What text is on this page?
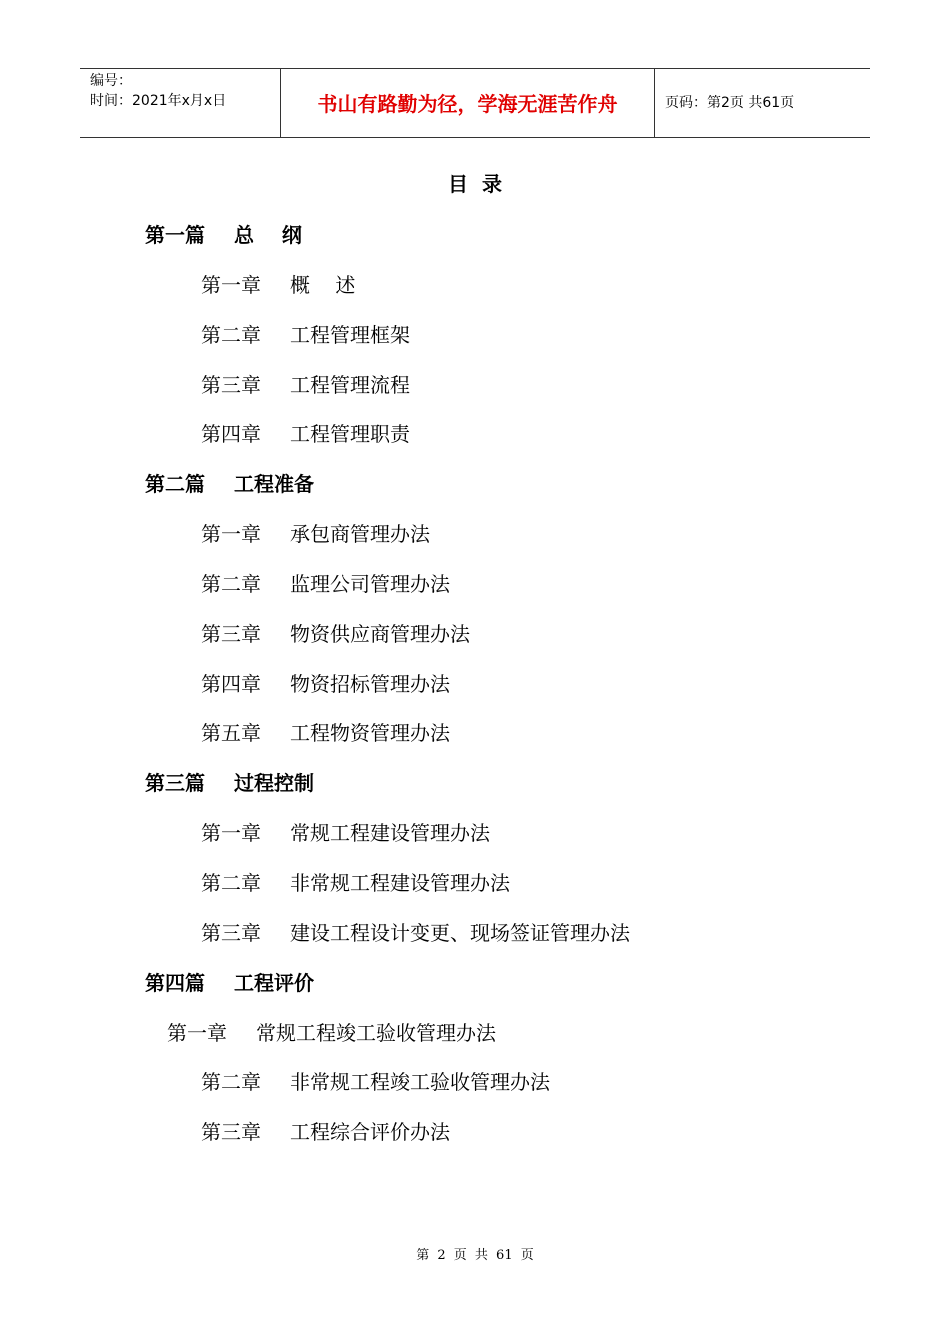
编号：
时间：2021年x月x日	书山有路勤为径，学海无涯苦作舟	页码：第2页 共61页
目录
第一篇 总    纲
第一章 概    述
第二章 工程管理框架
第三章 工程管理流程
第四章 工程管理职责
第二篇 工程准备
第一章 承包商管理办法
第二章 监理公司管理办法
第三章 物资供应商管理办法
第四章 物资招标管理办法
第五章 工程物资管理办法
第三篇 过程控制
第一章 常规工程建设管理办法
第二章 非常规工程建设管理办法
第三章 建设工程设计变更、现场签证管理办法
第四篇 工程评价
第一章 常规工程竣工验收管理办法
第二章 非常规工程竣工验收管理办法
第三章 工程综合评价办法
第 2 页 共 61 页
